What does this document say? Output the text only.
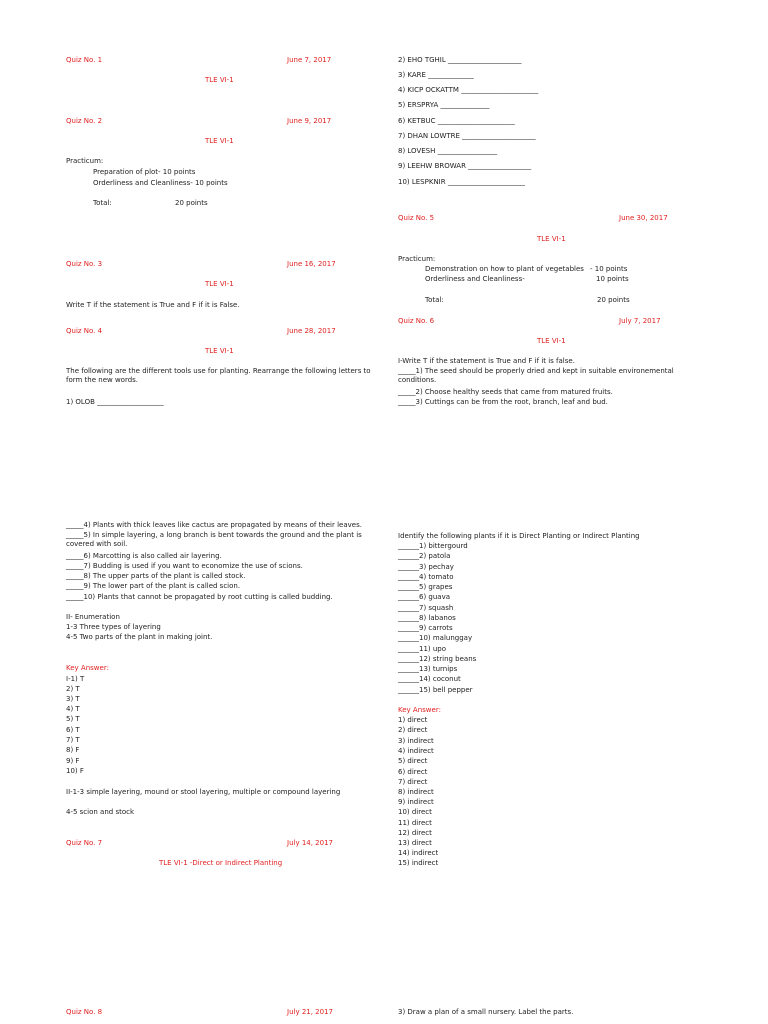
Quiz No. 1	June 7, 2017
TLE VI-1
Quiz No. 2	June 9, 2017
TLE VI-1
Practicum:
Preparation of plot- 10 points
Orderliness and Cleanliness- 10 points
Total:	20 points
Quiz No. 3	June 16, 2017
TLE VI-1
Write T if the statement is True and F if it is False.
Quiz No. 4	June 28, 2017
TLE VI-1
The following are the different tools use for planting. Rearrange the following letters to form the new words.
1) OLOB ___________________
_____4) Plants with thick leaves like cactus are propagated by means of their leaves.
_____5) In simple layering, a long branch is bent towards the ground and the plant is covered with soil.
_____6) Marcotting is also called air layering.
_____7) Budding is used if you want to economize the use of scions.
_____8) The upper parts of the plant is called stock.
_____9) The lower part of the plant is called scion.
_____10) Plants that cannot be propagated by root cutting is called budding.
II- Enumeration
1-3 Three types of layering
4-5 Two parts of the plant in making joint.
Key Answer:
I-1) T
2) T
3) T
4) T
5) T
6) T
7) T
8) F
9) F
10) F
II-1-3 simple layering, mound or stool layering, multiple or compound layering
4-5 scion and stock
Quiz No. 7	July 14, 2017
TLE VI-1 -Direct or Indirect Planting
Quiz No. 8	July 21, 2017
2) EHO TGHIL _____________________
3) KARE _____________
4) KICP OCKATTM ______________________
5) ERSPRYA ______________
6) KETBUC ______________________
7) DHAN LOWTRE _____________________
8) LOVESH _________________
9) LEEHW BROWAR __________________
10) LESPKNIR ______________________
Quiz No. 5	June 30, 2017
TLE VI-1
Practicum:
Demonstration on how to plant of vegetables - 10 points
Orderliness and Cleanliness-	10 points
Total:	20 points
Quiz No. 6	July 7, 2017
TLE VI-1
I-Write T if the statement is True and F if it is false.
_____1) The seed should be properly dried and kept in suitable environemental conditions.
_____2) Choose healthy seeds that came from matured fruits.
_____3) Cuttings can be from the root, branch, leaf and bud.
Identify the following plants if it is Direct Planting or Indirect Planting
______1) bittergourd
______2) patola
______3) pechay
______4) tomato
______5) grapes
______6) guava
______7) squash
______8) labanos
______9) carrots
______10) malunggay
______11) upo
______12) string beans
______13) turnips
______14) coconut
______15) bell pepper
Key Answer:
1) direct
2) direct
3) indirect
4) indirect
5) direct
6) direct
7) direct
8) indirect
9) indirect
10) direct
11) direct
12) direct
13) direct
14) indirect
15) indirect
3) Draw a plan of a small nursery. Label the parts.
